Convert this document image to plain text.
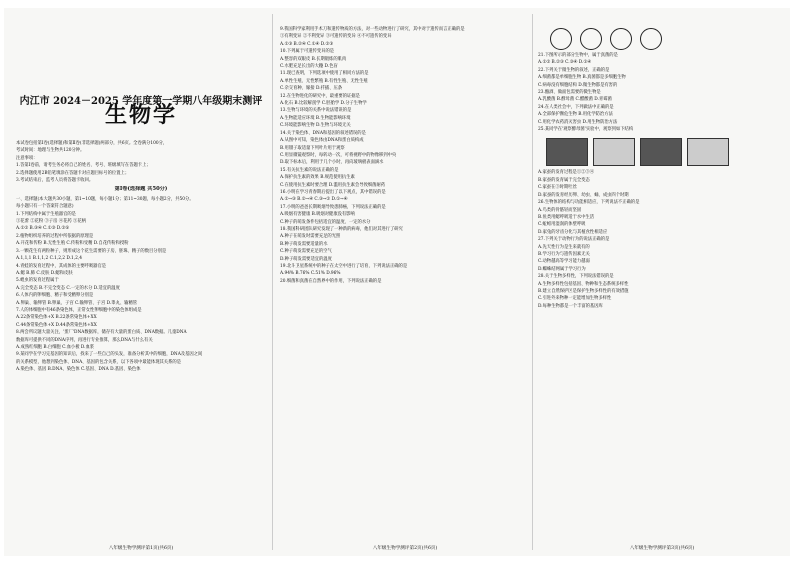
内江市 2024－2025 学年度第一学期八年级期末测评
生物学

本试卷包括第Ⅰ卷(选择题)和第Ⅱ卷(非选择题)两部分，共6页。全卷满分100分，

考试时间：地理与生物共120分钟。

注意事项：

1.答第Ⅰ卷前，请考生务必将自己的姓名、考号、班级填写在答题卡上；

2.选择题使用2B铅笔填涂在答题卡对应题目标号的位置上；

3.考试结束后，监考人员将答题卡收回。

第Ⅰ卷(选择题 共50分)

一、选择题(本大题共30小题，第1~10题，每小题1分；第11~30题，每小题2分，共50分。

每小题只有一个答案符合题意)

1.下列结构中属于生殖器官的是

①花蕾 ②花粉 ③子房 ④花药 ⑤花柄

A.①② B.③④ C.①③ D.②⑤

2.植物组织培养的过程中所依据的原理是

A.开花和传粉 B.无性生殖 C.传粉和受精 D.自花传粉和授粉

3.一颗花生有两粒种子，则形成这个花生需要的子房、胚珠、精子的数目分别是

A.1,1,1 B.1,1,2 C.1,2,2 D.1,2,4

4.青蛙的发育过程中，其成体的主要呼吸器官是

A.鳃 B.肺 C.皮肤 D.鳃和皮肤

5.蝗虫的发育过程属于

A.完全变态 B.不完全变态 C.一定的水分 D.适宜的温度

6.人体内的卵细胞、精子和受精卵分别是

A.卵巢、输卵管 B.卵巢、子宫 C.输卵管、子宫 D.睾丸、输精管

7.人的体细胞中有46条染色体，正常女性卵细胞中的染色体组成是

A.22条常染色体+X B.22条常染色体+XX

C.44条常染色体+X D.44条常染色体+XX

8.两会所议题大量关注，'蛋厂'DNA数据库，储存有大量的蛋白质、DNA数据。儿童DNA

数据库可提供不同的DNA序列，再进行专业推算，那么DNA与什么有关

A.成熟红细胞 B.白细胞 C.血小板 D.血浆

9.某同学在学习完基因的知识后，找来了一些自己的头发，准备分析其中的细胞，DNA及基因之间

的关系模型，他想到染色体、DNA、基因的包含关系，以下各项中最能体现其关系的是

A.染色体、基因 B.DNA、染色体 C.基因、DNA D.基因、染色体

八年级生物学测评第1页(共6页)

9.我国科学家利用手术刀和遗传物质的方法，对一些动物进行了研究，其中对于遗传而言正确的是

①有利变异 ②不利变异 ③可遗传的变异 ④不可遗传的变异

A.①③ B.②④ C.①④ D.②③

10.下列属于可遗传变异的是

A.整容的双眼皮 B.长期锻炼的肌肉

C.水肥充足长出的大穗 D.色盲

11.现已查明，下列选项中使用了相同方法的是

A.单性生殖、无性繁殖 B.有性生殖、无性生殖

C.杂交育种、嫁接 D.扦插、压条

12.在生物进化的研究中，最重要的证据是

A.化石 B.比较解剖学 C.胚胎学 D.分子生物学

13.生物与环境的关系中说法错误的是

A.生物能适应环境 B.生物能影响环境

C.环境能影响生物 D.生物与环境无关

14.关于染色体、DNA和基因的叙述错误的是

A.从图中可知，染色体由DNA和蛋白质构成

B.用镊子取适量下列叶片用于观察

C.用显微镜观察时，每转动一次，可将视野中的物像移到中央

D.取下标本后，利用于几个小时，再向玻璃板表面滴水

15.有关抗生素的说法正确的是

A.保护抗生素的效果 B.规范使用抗生素

C.在使用抗生素时要合理 D.滥用抗生素会导致细菌耐药

16.小明在学习青春期后提出了以下观点，其中错误的是

A.①→③ B.②→④ C.③→② D.①→④

17.小明的爸爸长期吸烟导致患肺癌，下列说法正确的是

A.吸烟有害健康 B.吸烟对健康没有影响

C.种子的萌发条件包括适宜的温度、一定的水分

18.我国科研团队研究发现了一种新的病毒，他们对其进行了研究

A.种子在萌发时需要充足的光照

B.种子萌发需要适量的水

C.种子萌发需要充足的空气

D.种子萌发需要适宜的温度

19.北斗卫星系统中的种子在太空中进行了培育，下列说法正确的是

A.94% B.76% C.51% D.96%

20.细菌和真菌在自然界中的作用，下列说法正确的是

八年级生物学测评第2页(共6页)

21.下图所示的部分生物中，属于真菌的是

A.①② B.②③ C.③④ D.①④

22.下列关于微生物的叙述，正确的是

A.细菌都是单细胞生物 B.真菌都是多细胞生物

C.病毒没有细胞结构 D.微生物都是有害的

23.酿酒、做面包需要的微生物是

A.乳酸菌 B.酵母菌 C.醋酸菌 D.青霉菌

24.在人类社会中，下列做法中正确的是

A.全部保护濒危生物 B.用化学防治方法

C.用化学农药消灭害虫 D.用生物防治方法

25.某同学在'观察酵母菌'实验中，观察到如下结构

A.家蚕的发育过程是①②③④

B.家蚕的发育属于完全变态

C.家蚕在③时期吐丝

D.家蚕的发育经历卵、幼虫、蛹、成虫四个时期

26.生物体的结构与功能相适应，下列说法不正确的是

A.鸟类的骨骼轻而坚固

B.鱼类用鳃呼吸适于水中生活

C.蚯蚓用湿润的体壁呼吸

D.家兔的牙齿分化与其植食性相适应

27.下列关于动物行为的说法正确的是

A.先天性行为是生来就有的

B.学习行为与遗传因素无关

C.动物越高等学习能力越弱

D.蜘蛛结网属于学习行为

28.关于生物多样性，下列说法错误的是

A.生物多样性包括基因、物种和生态系统多样性

B.建立自然保护区是保护生物多样性的有效措施

C.引进外来物种一定能增加生物多样性

D.每种生物都是一个丰富的基因库

八年级生物学测评第3页(共6页)
